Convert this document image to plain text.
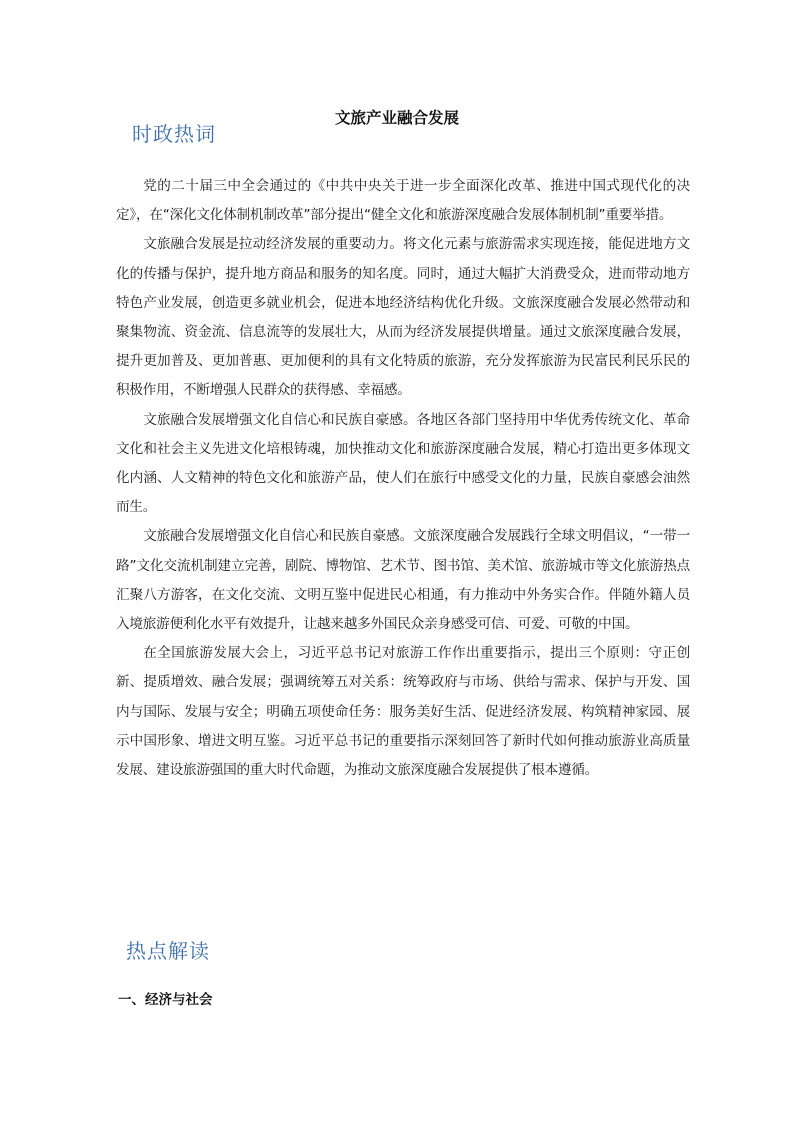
时政热词
文旅产业融合发展

党的二十届三中全会通过的《中共中央关于进一步全面深化改革、推进中国式现代化的决定》，在“深化文化体制机制改革”部分提出“健全文化和旅游深度融合发展体制机制”重要举措。

文旅融合发展是拉动经济发展的重要动力。将文化元素与旅游需求实现连接，能促进地方文化的传播与保护，提升地方商品和服务的知名度。同时，通过大幅扩大消费受众，进而带动地方特色产业发展，创造更多就业机会，促进本地经济结构优化升级。文旅深度融合发展必然带动和聚集物流、资金流、信息流等的发展壮大，从而为经济发展提供增量。通过文旅深度融合发展，提升更加普及、更加普惠、更加便利的具有文化特质的旅游，充分发挥旅游为民富民利民乐民的积极作用，不断增强人民群众的获得感、幸福感。

文旅融合发展增强文化自信心和民族自豪感。各地区各部门坚持用中华优秀传统文化、革命文化和社会主义先进文化培根铸魂，加快推动文化和旅游深度融合发展，精心打造出更多体现文化内涵、人文精神的特色文化和旅游产品，使人们在旅行中感受文化的力量，民族自豪感会油然而生。

文旅融合发展增强文化自信心和民族自豪感。文旅深度融合发展践行全球文明倡议，“一带一路”文化交流机制建立完善，剧院、博物馆、艺术节、图书馆、美术馆、旅游城市等文化旅游热点汇聚八方游客，在文化交流、文明互鉴中促进民心相通，有力推动中外务实合作。伴随外籍人员入境旅游便利化水平有效提升，让越来越多外国民众亲身感受可信、可爱、可敬的中国。

在全国旅游发展大会上，习近平总书记对旅游工作作出重要指示，提出三个原则：守正创新、提质增效、融合发展；强调统筹五对关系：统筹政府与市场、供给与需求、保护与开发、国内与国际、发展与安全；明确五项使命任务：服务美好生活、促进经济发展、构筑精神家园、展示中国形象、增进文明互鉴。习近平总书记的重要指示深刻回答了新时代如何推动旅游业高质量发展、建设旅游强国的重大时代命题，为推动文旅深度融合发展提供了根本遵循。

热点解读
一、经济与社会
